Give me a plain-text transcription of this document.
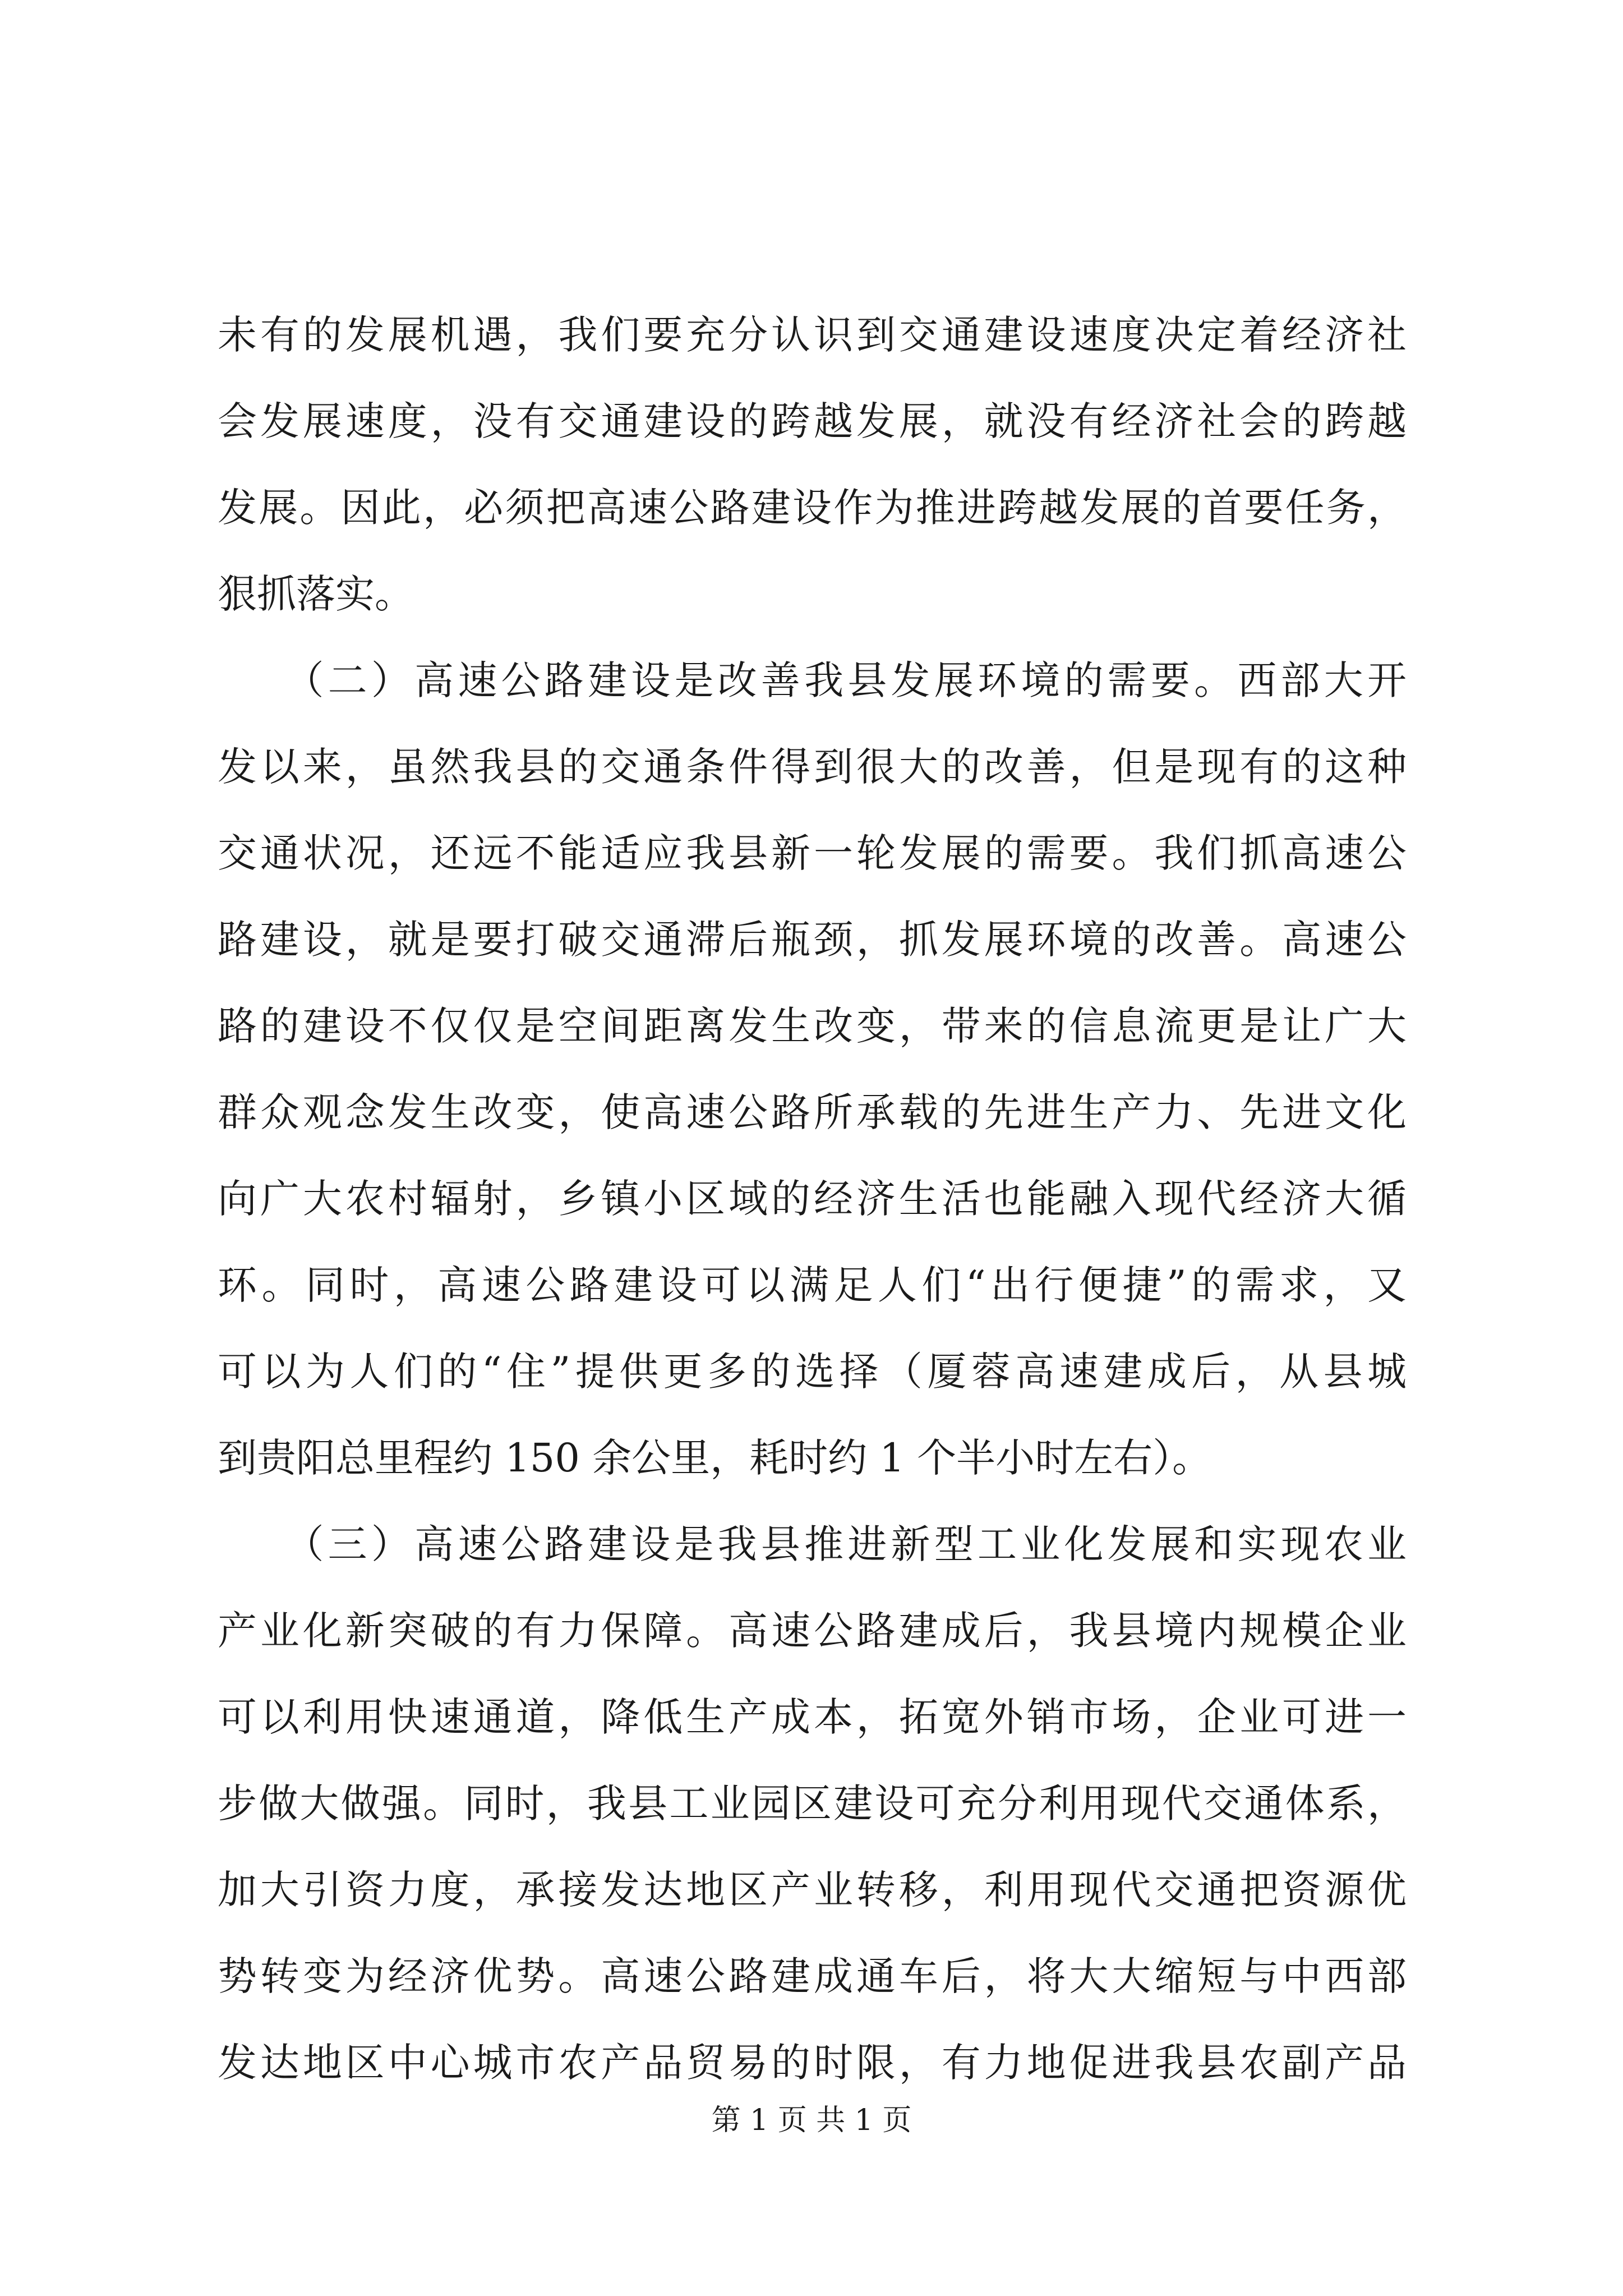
未有的发展机遇，我们要充分认识到交通建设速度决定着经济社
会发展速度，没有交通建设的跨越发展，就没有经济社会的跨越
发展。因此，必须把高速公路建设作为推进跨越发展的首要任务，
狠抓落实。
　　（二）高速公路建设是改善我县发展环境的需要。西部大开
发以来，虽然我县的交通条件得到很大的改善，但是现有的这种
交通状况，还远不能适应我县新一轮发展的需要。我们抓高速公
路建设，就是要打破交通滞后瓶颈，抓发展环境的改善。高速公
路的建设不仅仅是空间距离发生改变，带来的信息流更是让广大
群众观念发生改变，使高速公路所承载的先进生产力、先进文化
向广大农村辐射，乡镇小区域的经济生活也能融入现代经济大循
环。同时，高速公路建设可以满足人们“出行便捷”的需求，又
可以为人们的“住”提供更多的选择（厦蓉高速建成后，从县城
到贵阳总里程约 150 余公里，耗时约 1 个半小时左右）。
　　（三）高速公路建设是我县推进新型工业化发展和实现农业
产业化新突破的有力保障。高速公路建成后，我县境内规模企业
可以利用快速通道，降低生产成本，拓宽外销市场，企业可进一
步做大做强。同时，我县工业园区建设可充分利用现代交通体系，
加大引资力度，承接发达地区产业转移，利用现代交通把资源优
势转变为经济优势。高速公路建成通车后，将大大缩短与中西部
发达地区中心城市农产品贸易的时限，有力地促进我县农副产品
第 1 页 共 1 页
